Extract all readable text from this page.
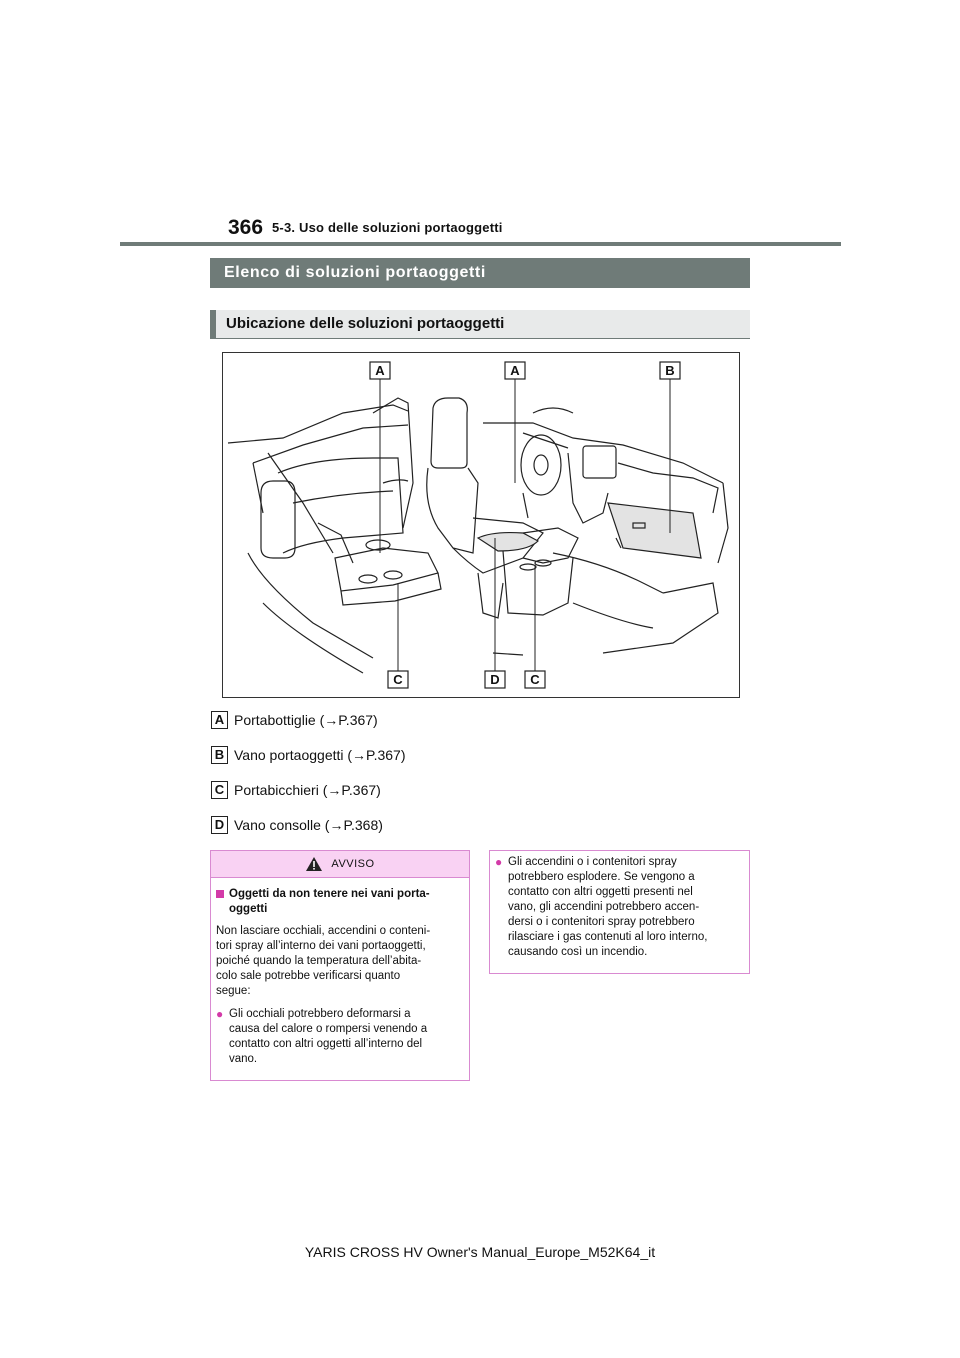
366 5-3. Uso delle soluzioni portaoggetti
Elenco di soluzioni portaoggetti
Ubicazione delle soluzioni portaoggetti
A	A	B
C	D C
A Portabottiglie (→P.367)
B Vano portaoggetti (→P.367)
C Portabicchieri (→P.367)
D Vano consolle (→P.368)
AVVISO
Oggetti da non tenere nei vani porta-
oggetti
Non lasciare occhiali, accendini o conteni-
tori spray all’interno dei vani portaoggetti,
poiché quando la temperatura dell’abita-
colo sale potrebbe verificarsi quanto
segue:
● Gli occhiali potrebbero deformarsi a
causa del calore o rompersi venendo a
contatto con altri oggetti all’interno del
vano.
● Gli accendini o i contenitori spray
potrebbero esplodere. Se vengono a
contatto con altri oggetti presenti nel
vano, gli accendini potrebbero accen-
dersi o i contenitori spray potrebbero
rilasciare i gas contenuti al loro interno,
causando così un incendio.
YARIS CROSS HV Owner's Manual_Europe_M52K64_it
